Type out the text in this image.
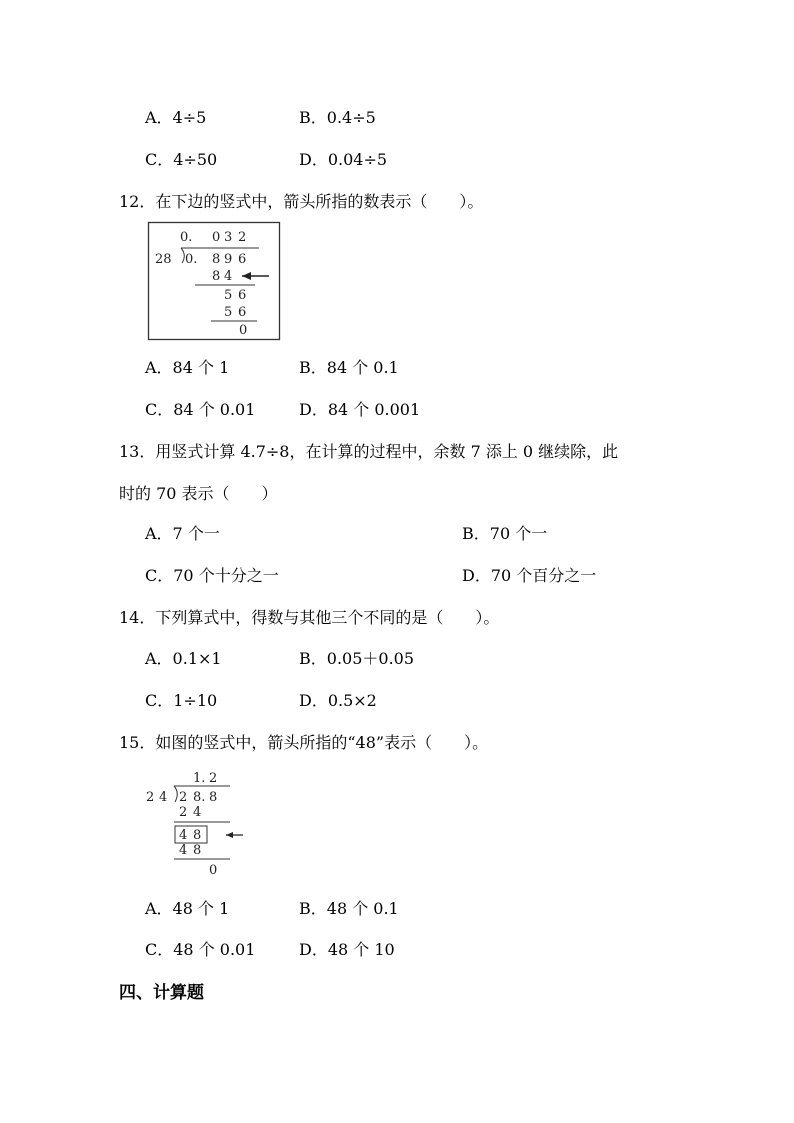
A．4÷5	B．0.4÷5
C．4÷50	D．0.04÷5
12．在下边的竖式中，箭头所指的数表示（　　）。
0. 0 3 2
28 0. 8 9 6
8 4
5 6
5 6
0
A．84 个 1	B．84 个 0.1
C．84 个 0.01	D．84 个 0.001
13．用竖式计算 4.7÷8，在计算的过程中，余数 7 添上 0 继续除，此
时的 70 表示（　　）
A．7 个一	B．70 个一
C．70 个十分之一	D．70 个百分之一
14．下列算式中，得数与其他三个不同的是（　　）。
A．0.1×1	B．0.05＋0.05
C．1÷10	D．0.5×2
15．如图的竖式中，箭头所指的“48”表示（　　）。
1. 2
2 4 2 8. 8
2 4
4 8
4 8
0
A．48 个 1	B．48 个 0.1
C．48 个 0.01	D．48 个 10
四、计算题
